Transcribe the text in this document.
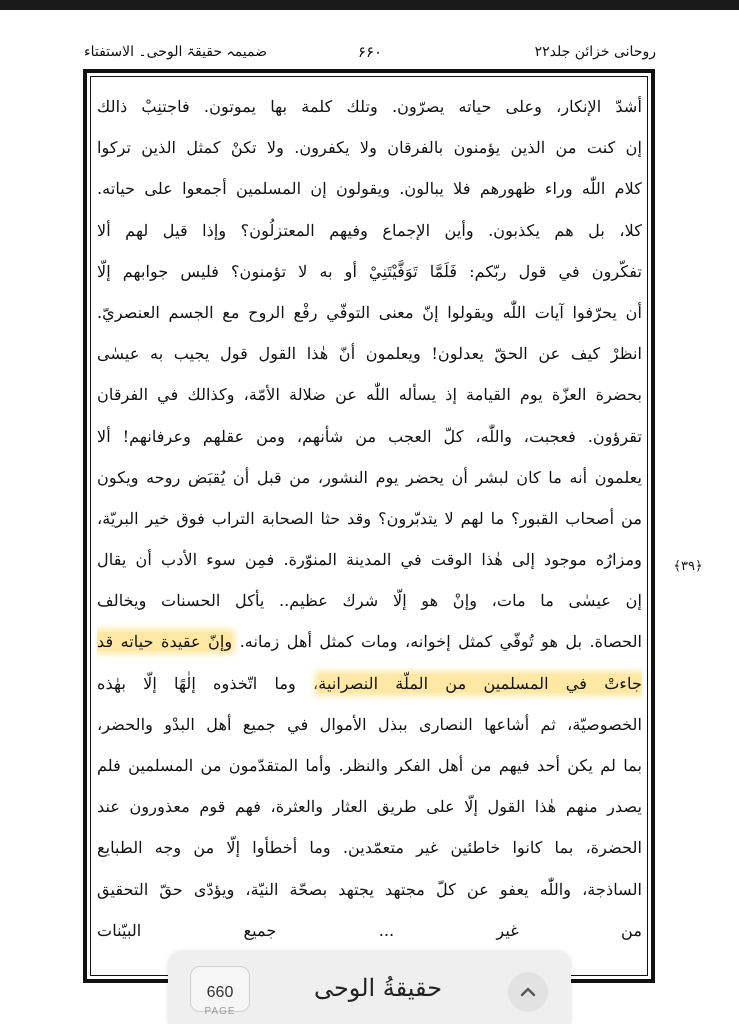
روحانی خزائن جلد۲۲
۶۶۰
ضمیمہ حقیقۃ الوحی۔ الاستفتاء
أشدّ الإنكار، وعلى حياته يصرّون. وتلك كلمة بها يموتون. فاجتنِبْ ذالك
إن كنت من الذين يؤمنون بالفرقان ولا يكفرون. ولا تكنْ كمثل الذين تركوا
كلام اللّٰه وراء ظهورهم فلا يبالون. ويقولون إن المسلمين أجمعوا على حياته.
كلا، بل هم يكذبون. وأين الإجماع وفيهم المعتزلُون؟ وإذا قيل لهم ألا
تفكّرون في قول ربّكم: فَلَمَّا تَوَفَّيْتَنِيْ أو به لا تؤمنون؟ فليس جوابهم إلّا
أن يحرّفوا آيات اللّٰه ويقولوا إنّ معنى التوفّي رفْع الروح مع الجسم العنصريّ.
انظرْ كيف عن الحقّ يعدلون! ويعلمون أنّ هٰذا القول قول يجيب به عيسٰى
بحضرة العزّة يوم القيامة إذ يسأله اللّٰه عن ضلالة الأمّة، وكذالك في الفرقان
تقرؤون. فعجبت، واللّٰه، كلّ العجب من شأنهم، ومن عقلهم وعرفانهم! ألا
يعلمون أنه ما كان لبشر أن يحضر يوم النشور، من قبل أن يُقبَض روحه ويكون
من أصحاب القبور؟ ما لهم لا يتدبّرون؟ وقد حثا الصحابة التراب فوق خير البريّة،
ومزارُه موجود إلى هٰذا الوقت في المدينة المنوّرة. فمِن سوء الأدب أن يقال
إن عيسٰى ما مات، وإنْ هو إلّا شرك عظيم.. يأكل الحسنات ويخالف
الحصاة. بل هو تُوفّي كمثل إخوانه، ومات كمثل أهل زمانه. وإنّ عقيدة حياته قد
جاءتْ في المسلمين من الملّة النصرانية، وما اتّخذوه إلٰهًا إلّا بهٰذه
الخصوصيّة، ثم أشاعها النصارى ببذل الأموال في جميع أهل البدْو والحضر،
بما لم يكن أحد فيهم من أهل الفكر والنظر. وأما المتقدّمون من المسلمين فلم
يصدر منهم هٰذا القول إلّا على طريق العثار والعثرة، فهم قوم معذورون عند
الحضرة، بما كانوا خاطئين غير متعمّدين. وما أخطأوا إلّا من وجه الطبايع
الساذجة، واللّٰه يعفو عن كلّ مجتهد يجتهد بصحّة النيّة، ويؤدّى حقّ التحقيق
من غير ... جميع البيّنات
﴿۳۹﴾
660
PAGE
حقيقةُ الوحى
